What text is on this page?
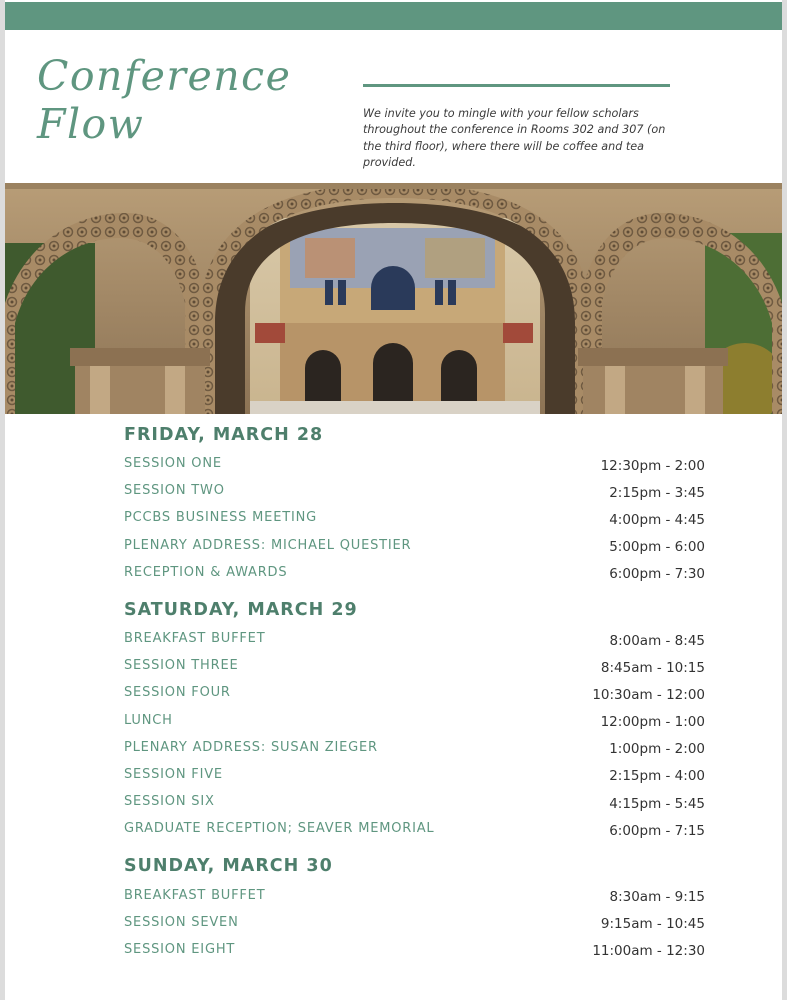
Conference
Flow	We invite you to mingle with your fellow scholars throughout the conference in Rooms 302 and 307 (on the third floor), where there will be coffee and tea provided.
FRIDAY, MARCH 28
SESSION ONE	12:30pm - 2:00
SESSION TWO	2:15pm - 3:45
PCCBS BUSINESS MEETING	4:00pm - 4:45
PLENARY ADDRESS: MICHAEL QUESTIER	5:00pm - 6:00
RECEPTION & AWARDS	6:00pm - 7:30
SATURDAY, MARCH 29
BREAKFAST BUFFET	8:00am - 8:45
SESSION THREE	8:45am - 10:15
SESSION FOUR	10:30am - 12:00
LUNCH	12:00pm - 1:00
PLENARY ADDRESS: SUSAN ZIEGER	1:00pm - 2:00
SESSION FIVE	2:15pm - 4:00
SESSION SIX	4:15pm - 5:45
GRADUATE RECEPTION; SEAVER MEMORIAL	6:00pm - 7:15
SUNDAY, MARCH 30
BREAKFAST BUFFET	8:30am - 9:15
SESSION SEVEN	9:15am - 10:45
SESSION EIGHT	11:00am - 12:30
